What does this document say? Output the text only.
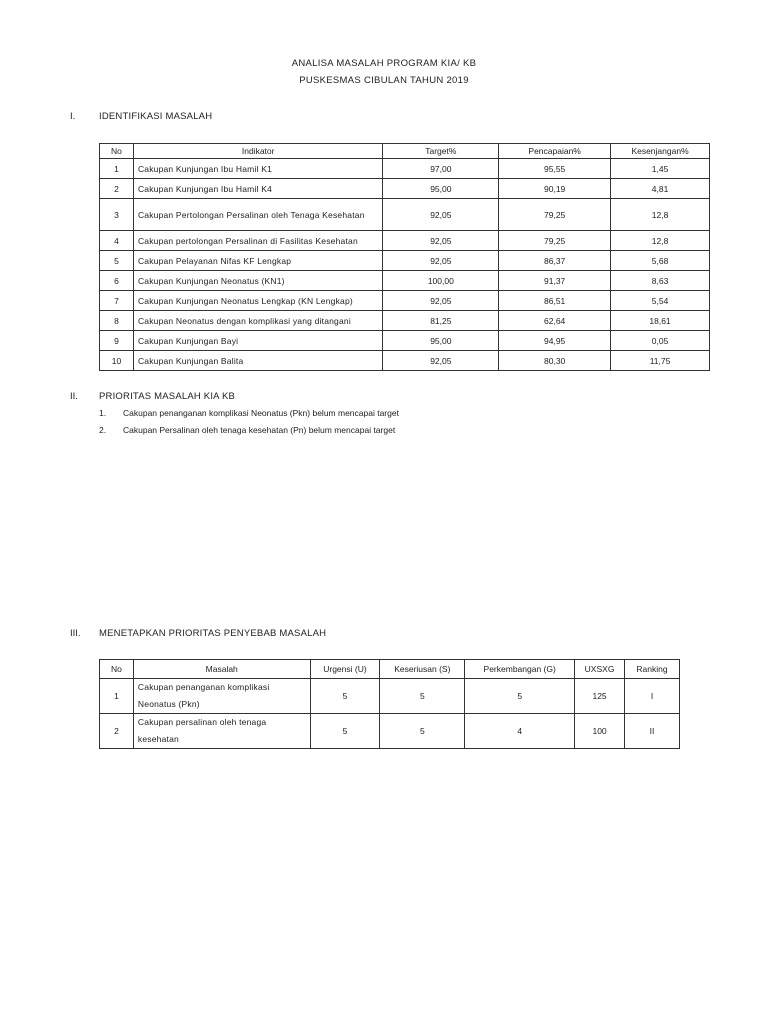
ANALISA MASALAH PROGRAM KIA/ KB
PUSKESMAS CIBULAN TAHUN 2019
I. IDENTIFIKASI MASALAH
No	Indikator	Target%	Pencapaian%	Kesenjangan%
1	Cakupan Kunjungan Ibu Hamil K1	97,00	95,55	1,45
2	Cakupan Kunjungan Ibu Hamil K4	95,00	90,19	4,81
3	Cakupan Pertolongan Persalinan oleh Tenaga Kesehatan	92,05	79,25	12,8
4	Cakupan pertolongan Persalinan di Fasilitas Kesehatan	92,05	79,25	12,8
5	Cakupan Pelayanan Nifas KF Lengkap	92,05	86,37	5,68
6	Cakupan Kunjungan Neonatus (KN1)	100,00	91,37	8,63
7	Cakupan Kunjungan Neonatus Lengkap (KN Lengkap)	92,05	86,51	5,54
8	Cakupan Neonatus dengan komplikasi yang ditangani	81,25	62,64	18,61
9	Cakupan Kunjungan Bayi	95,00	94,95	0,05
10	Cakupan Kunjungan Balita	92,05	80,30	11,75
II. PRIORITAS MASALAH KIA KB
1. Cakupan penanganan komplikasi Neonatus (Pkn) belum mencapai target
2. Cakupan Persalinan oleh tenaga kesehatan (Pn) belum mencapai target
III. MENETAPKAN PRIORITAS PENYEBAB MASALAH
No	Masalah	Urgensi (U)	Keseriusan (S)	Perkembangan (G)	UXSXG	Ranking
1	Cakupan penanganan komplikasi
Neonatus (Pkn)	5	5	5	125	I
2	Cakupan persalinan oleh tenaga
kesehatan	5	5	4	100	II
